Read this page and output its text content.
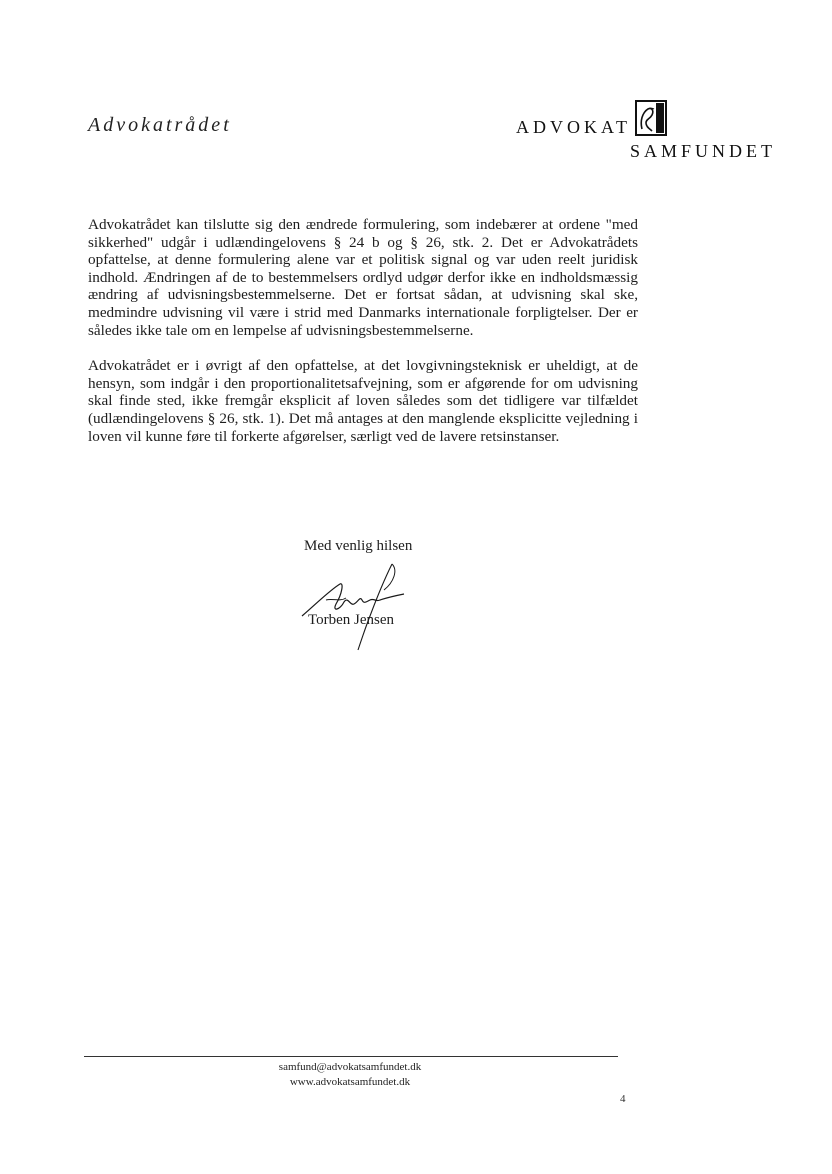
Advokatrådet	ADVOKAT
SAMFUNDET

Advokatrådet kan tilslutte sig den ændrede formulering, som indebærer at ordene "med sikkerhed" udgår i udlændingelovens § 24 b og § 26, stk. 2. Det er Advokatrådets opfattelse, at denne formulering alene var et politisk signal og var uden reelt juridisk indhold. Ændringen af de to bestemmelsers ordlyd udgør derfor ikke en indholdsmæssig ændring af udvisningsbestemmelserne. Det er fortsat sådan, at udvisning skal ske, medmindre udvisning vil være i strid med Danmarks internationale forpligtelser. Der er således ikke tale om en lempelse af udvisningsbestemmelserne.

Advokatrådet er i øvrigt af den opfattelse, at det lovgivningsteknisk er uheldigt, at de hensyn, som indgår i den proportionalitetsafvejning, som er afgørende for om udvisning skal finde sted, ikke fremgår eksplicit af loven således som det tidligere var tilfældet (udlændingelovens § 26, stk. 1). Det må antages at den manglende eksplicitte vejledning i loven vil kunne føre til forkerte afgørelser, særligt ved de lavere retsinstanser.

Med venlig hilsen
Torben Jensen
samfund@advokatsamfundet.dk
www.advokatsamfundet.dk
4
